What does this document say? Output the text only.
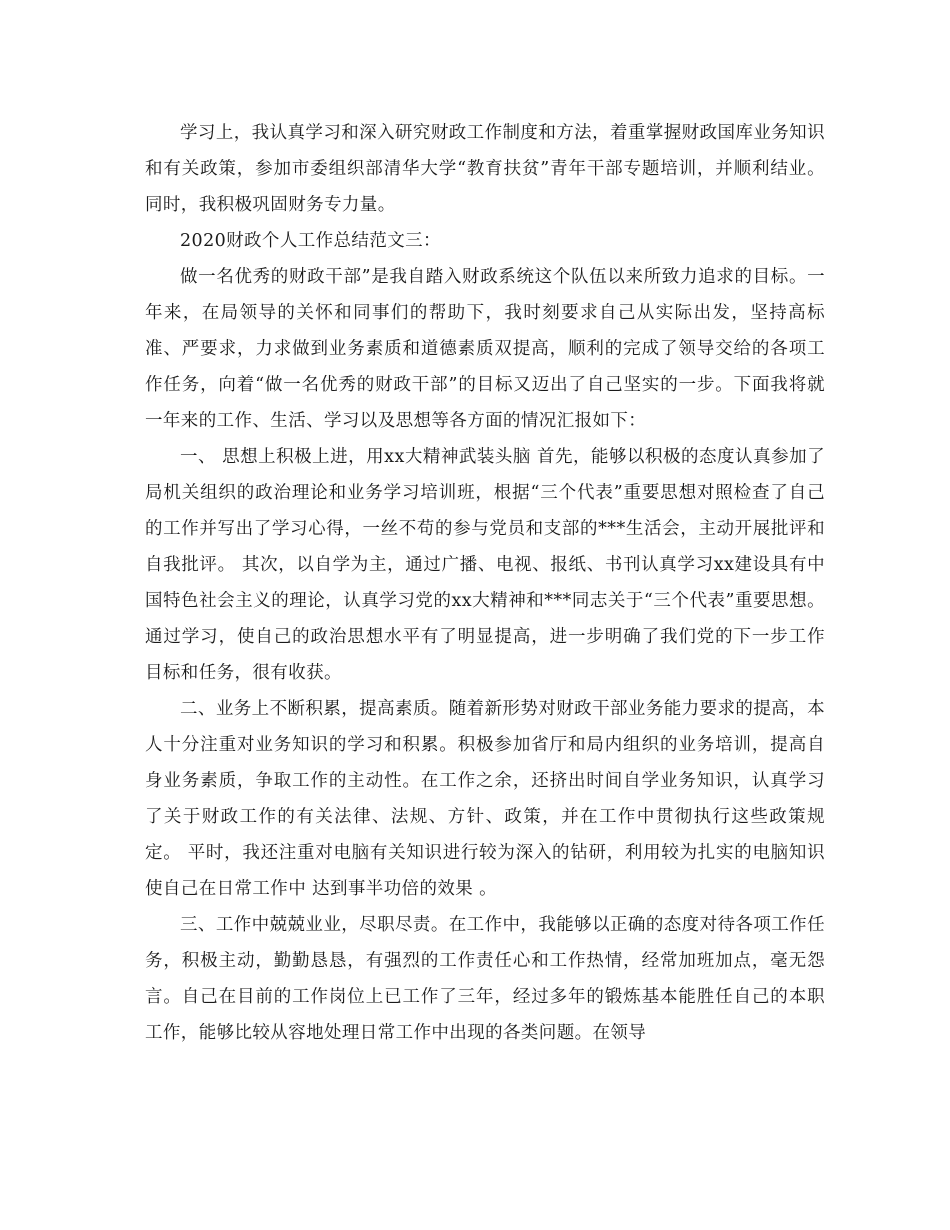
学习上，我认真学习和深入研究财政工作制度和方法，着重掌握财政国库业务知识和有关政策，参加市委组织部清华大学“教育扶贫”青年干部专题培训，并顺利结业。同时，我积极巩固财务专力量。

2020财政个人工作总结范文三：

做一名优秀的财政干部”是我自踏入财政系统这个队伍以来所致力追求的目标。一年来，在局领导的关怀和同事们的帮助下，我时刻要求自己从实际出发，坚持高标准、严要求，力求做到业务素质和道德素质双提高，顺利的完成了领导交给的各项工作任务，向着“做一名优秀的财政干部”的目标又迈出了自己坚实的一步。下面我将就一年来的工作、生活、学习以及思想等各方面的情况汇报如下：

一、 思想上积极上进，用xx大精神武装头脑 首先，能够以积极的态度认真参加了局机关组织的政治理论和业务学习培训班，根据“三个代表”重要思想对照检查了自己的工作并写出了学习心得，一丝不苟的参与党员和支部的***生活会，主动开展批评和自我批评。 其次，以自学为主，通过广播、电视、报纸、书刊认真学习xx建设具有中国特色社会主义的理论，认真学习党的xx大精神和***同志关于“三个代表”重要思想。通过学习，使自己的政治思想水平有了明显提高，进一步明确了我们党的下一步工作目标和任务，很有收获。

二、业务上不断积累，提高素质。随着新形势对财政干部业务能力要求的提高，本人十分注重对业务知识的学习和积累。积极参加省厅和局内组织的业务培训，提高自身业务素质，争取工作的主动性。在工作之余，还挤出时间自学业务知识，认真学习了关于财政工作的有关法律、法规、方针、政策，并在工作中贯彻执行这些政策规定。 平时，我还注重对电脑有关知识进行较为深入的钻研，利用较为扎实的电脑知识使自己在日常工作中 达到事半功倍的效果 。

三、工作中兢兢业业，尽职尽责。在工作中，我能够以正确的态度对待各项工作任务，积极主动，勤勤恳恳，有强烈的工作责任心和工作热情，经常加班加点，毫无怨言。自己在目前的工作岗位上已工作了三年，经过多年的锻炼基本能胜任自己的本职工作，能够比较从容地处理日常工作中出现的各类问题。在领导
